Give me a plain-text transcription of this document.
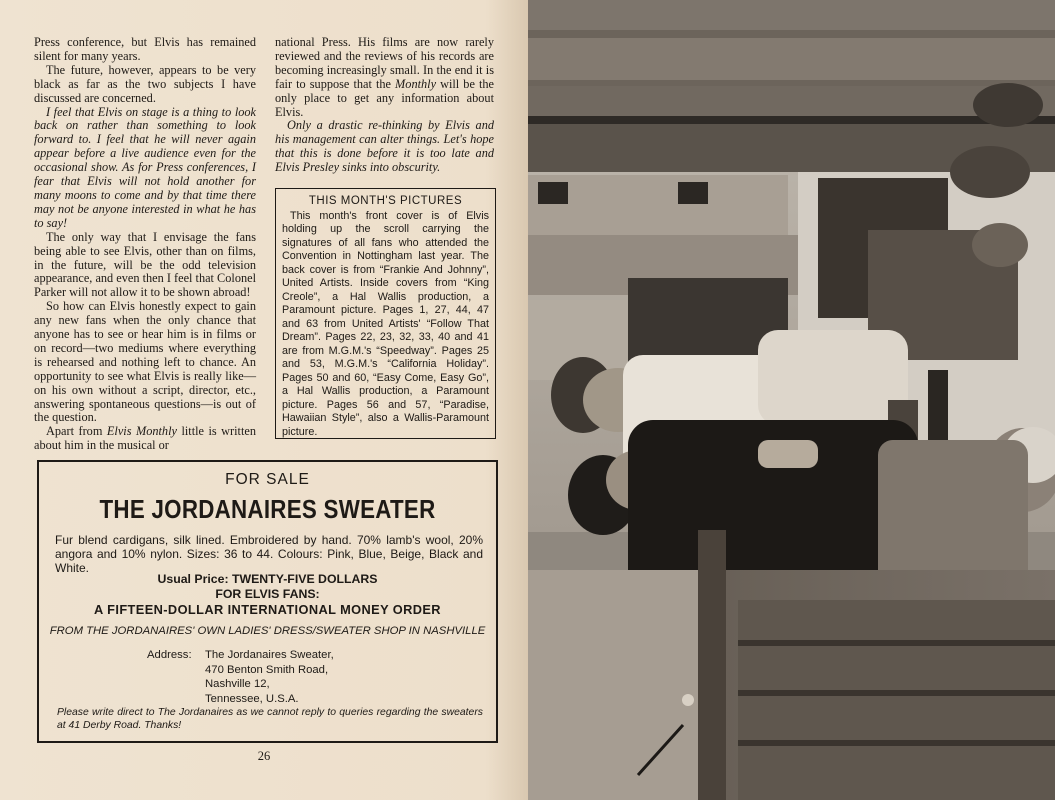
Press conference, but Elvis has remained silent for many years.

The future, however, appears to be very black as far as the two subjects I have discussed are concerned.

I feel that Elvis on stage is a thing to look back on rather than something to look forward to. I feel that he will never again appear before a live audience even for the occasional show. As for Press conferences, I fear that Elvis will not hold another for many moons to come and by that time there may not be anyone interested in what he has to say!

The only way that I envisage the fans being able to see Elvis, other than on films, in the future, will be the odd television appearance, and even then I feel that Colonel Parker will not allow it to be shown abroad!

So how can Elvis honestly expect to gain any new fans when the only chance that anyone has to see or hear him is in films or on record—two mediums where everything is rehearsed and nothing left to chance. An opportunity to see what Elvis is really like—on his own without a script, director, etc., answering spontaneous questions—is out of the question.

Apart from Elvis Monthly little is written about him in the musical or

national Press. His films are now rarely reviewed and the reviews of his records are becoming increasingly small. In the end it is fair to suppose that the Monthly will be the only place to get any information about Elvis.

Only a drastic re-thinking by Elvis and his management can alter things. Let's hope that this is done before it is too late and Elvis Presley sinks into obscurity.

THIS MONTH'S PICTURES
This month's front cover is of Elvis holding up the scroll carrying the signatures of all fans who attended the Convention in Nottingham last year. The back cover is from “Frankie And Johnny”, United Artists. Inside covers from “King Creole”, a Hal Wallis production, a Paramount picture. Pages 1, 27, 44, 47 and 63 from United Artists' “Follow That Dream”. Pages 22, 23, 32, 33, 40 and 41 are from M.G.M.'s “Speedway”. Pages 25 and 53, M.G.M.'s “California Holiday”. Pages 50 and 60, “Easy Come, Easy Go”, a Hal Wallis production, a Paramount picture. Pages 56 and 57, “Paradise, Hawaiian Style”, also a Wallis-Paramount picture.
FOR SALE
THE JORDANAIRES SWEATER
Fur blend cardigans, silk lined. Embroidered by hand. 70% lamb's wool, 20% angora and 10% nylon. Sizes: 36 to 44. Colours: Pink, Blue, Beige, Black and White.
Usual Price: TWENTY-FIVE DOLLARS
FOR ELVIS FANS:
A FIFTEEN-DOLLAR INTERNATIONAL MONEY ORDER
FROM THE JORDANAIRES' OWN LADIES' DRESS/SWEATER SHOP IN NASHVILLE
Address: The Jordanaires Sweater,
470 Benton Smith Road,
Nashville 12,
Tennessee, U.S.A.
Please write direct to The Jordanaires as we cannot reply to queries regarding the sweaters at 41 Derby Road. Thanks!
26
